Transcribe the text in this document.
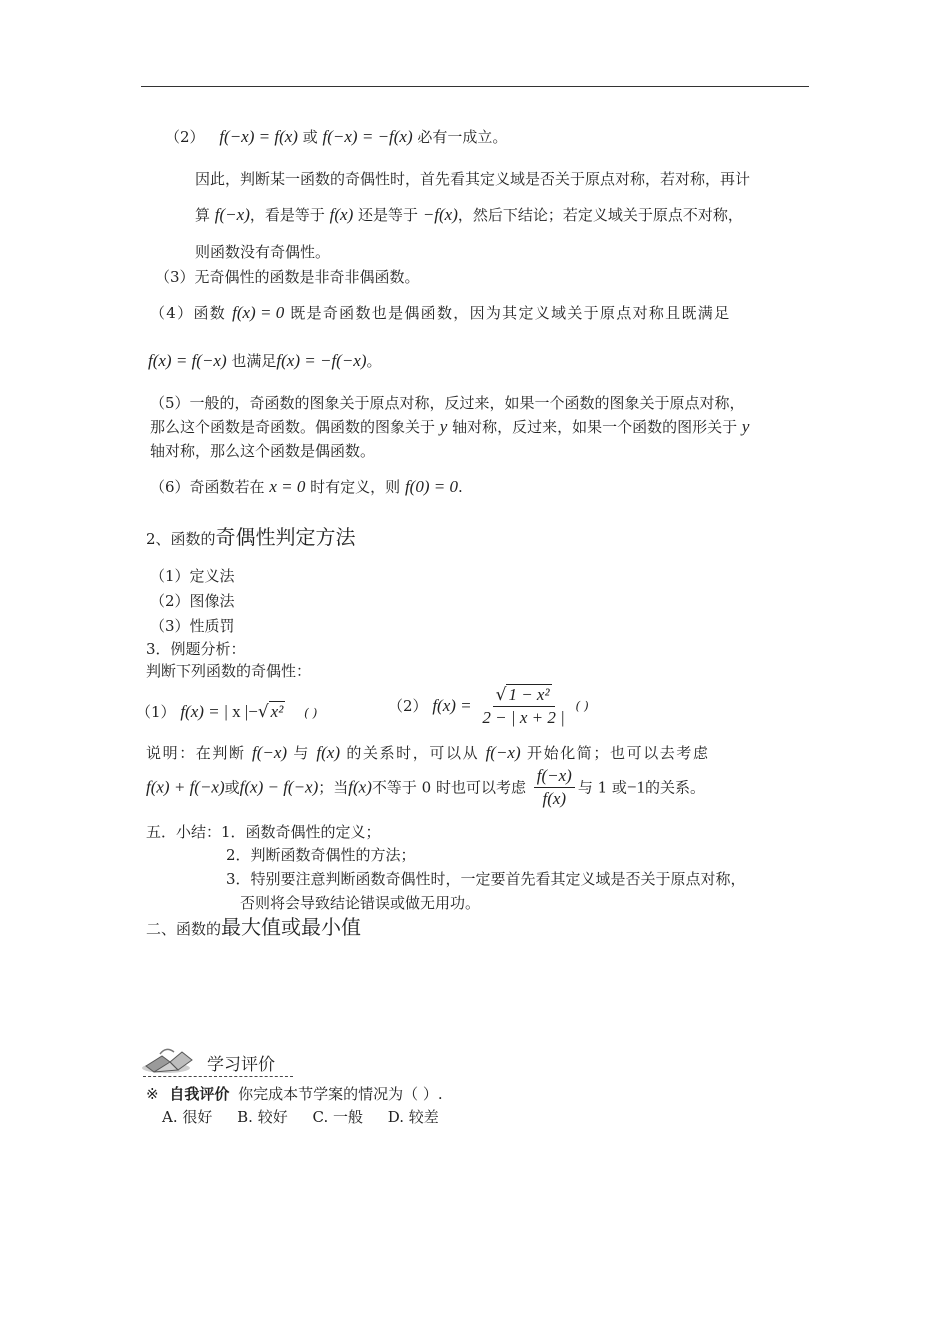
（2） f(−x) = f(x) 或 f(−x) = −f(x) 必有一成立。
因此，判断某一函数的奇偶性时，首先看其定义域是否关于原点对称，若对称，再计
算 f(−x)，看是等于 f(x) 还是等于 −f(x)，然后下结论；若定义域关于原点不对称，
则函数没有奇偶性。
（3）无奇偶性的函数是非奇非偶函数。
（4）函数 f(x) = 0 既是奇函数也是偶函数，因为其定义域关于原点对称且既满足
f(x) = f(−x) 也满足f(x) = −f(−x)。
（5）一般的，奇函数的图象关于原点对称，反过来，如果一个函数的图象关于原点对称，
那么这个函数是奇函数。偶函数的图象关于 y 轴对称，反过来，如果一个函数的图形关于 y
轴对称，那么这个函数是偶函数。
（6）奇函数若在 x = 0 时有定义，则 f(0) = 0.
2、函数的奇偶性判定方法
（1）定义法
（2）图像法
（3）性质罚
3．例题分析：
判断下列函数的奇偶性：
（1） f(x) = | x |−√ x² ( )	（2） $f(x) = \frac{\text{√ 1 − x²}}{2 - | x + 2 |}$ ( )
说明：在判断 f(−x) 与 f(x) 的关系时，可以从 f(−x) 开始化简；也可以去考虑
f(x) + f(−x)或f(x) − f(−x)；当f(x)不等于 0 时也可以考虑 $\frac{f(-x)}{f(x)}$ 与 1 或−1的关系。
五．小结：1．函数奇偶性的定义；
2．判断函数奇偶性的方法；
3．特别要注意判断函数奇偶性时，一定要首先看其定义域是否关于原点对称，
否则将会导致结论错误或做无用功。
二、函数的最大值或最小值
学习评价
※ 自我评价 你完成本节学案的情况为（ ）.
A. 很好 B. 较好 C. 一般 D. 较差
